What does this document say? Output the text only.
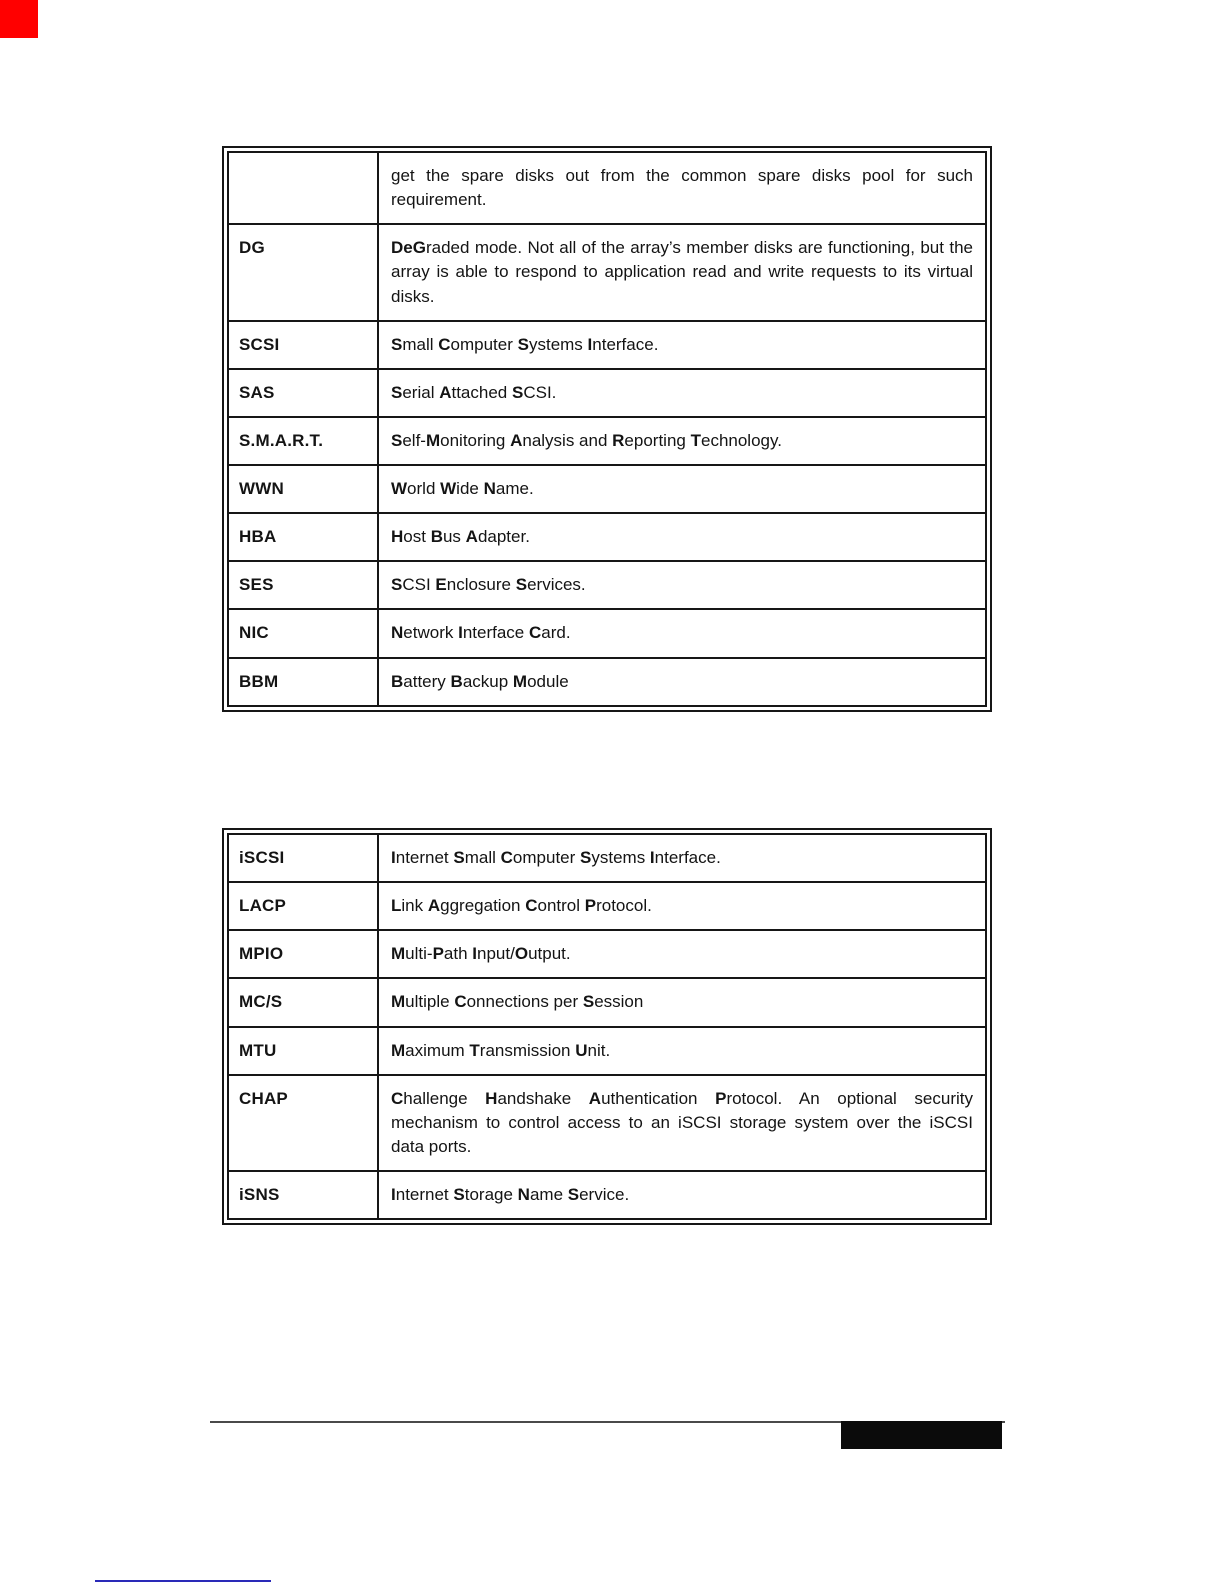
get the spare disks out from the common spare disks pool for such requirement.
DG	DeGraded mode. Not all of the array’s member disks are functioning, but the array is able to respond to application read and write requests to its virtual disks.
SCSI	Small Computer Systems Interface.
SAS	Serial Attached SCSI.
S.M.A.R.T.	Self-Monitoring Analysis and Reporting Technology.
WWN	World Wide Name.
HBA	Host Bus Adapter.
SES	SCSI Enclosure Services.
NIC	Network Interface Card.
BBM	Battery Backup Module
iSCSI	Internet Small Computer Systems Interface.
LACP	Link Aggregation Control Protocol.
MPIO	Multi-Path Input/Output.
MC/S	Multiple Connections per Session
MTU	Maximum Transmission Unit.
CHAP	Challenge Handshake Authentication Protocol. An optional security mechanism to control access to an iSCSI storage system over the iSCSI data ports.
iSNS	Internet Storage Name Service.
